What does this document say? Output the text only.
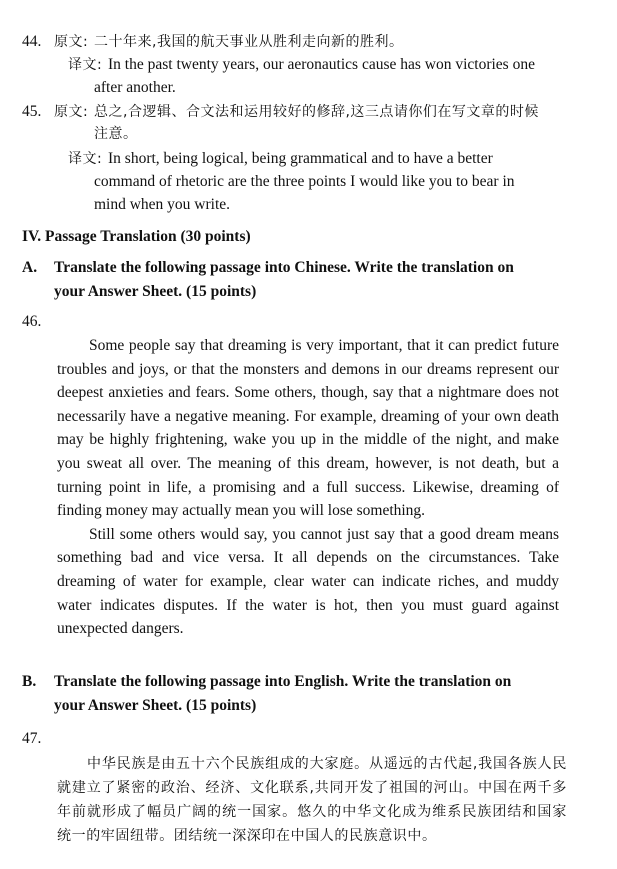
44. 原文: 二十年来,我国的航天事业从胜利走向新的胜利。
译文: In the past twenty years, our aeronautics cause has won victories one
after another.
45. 原文: 总之,合逻辑、合文法和运用较好的修辞,这三点请你们在写文章的时候
注意。
译文: In short, being logical, being grammatical and to have a better
command of rhetoric are the three points I would like you to bear in
mind when you write.
IV. Passage Translation (30 points)
A.	Translate the following passage into Chinese. Write the translation on
your Answer Sheet. (15 points)
46.

Some people say that dreaming is very important, that it can predict future troubles and joys, or that the monsters and demons in our dreams represent our deepest anxieties and fears. Some others, though, say that a nightmare does not necessarily have a negative meaning. For example, dreaming of your own death may be highly frightening, wake you up in the middle of the night, and make you sweat all over. The meaning of this dream, however, is not death, but a turning point in life, a promising and a full success. Likewise, dreaming of finding money may actually mean you will lose something.

Still some others would say, you cannot just say that a good dream means something bad and vice versa. It all depends on the circumstances. Take dreaming of water for example, clear water can indicate riches, and muddy water indicates disputes. If the water is hot, then you must guard against unexpected dangers.

B.	Translate the following passage into English. Write the translation on
your Answer Sheet. (15 points)
47.
中华民族是由五十六个民族组成的大家庭。从遥远的古代起,我国各族人民就建立了紧密的政治、经济、文化联系,共同开发了祖国的河山。中国在两千多年前就形成了幅员广阔的统一国家。悠久的中华文化成为维系民族团结和国家统一的牢固纽带。团结统一深深印在中国人的民族意识中。
